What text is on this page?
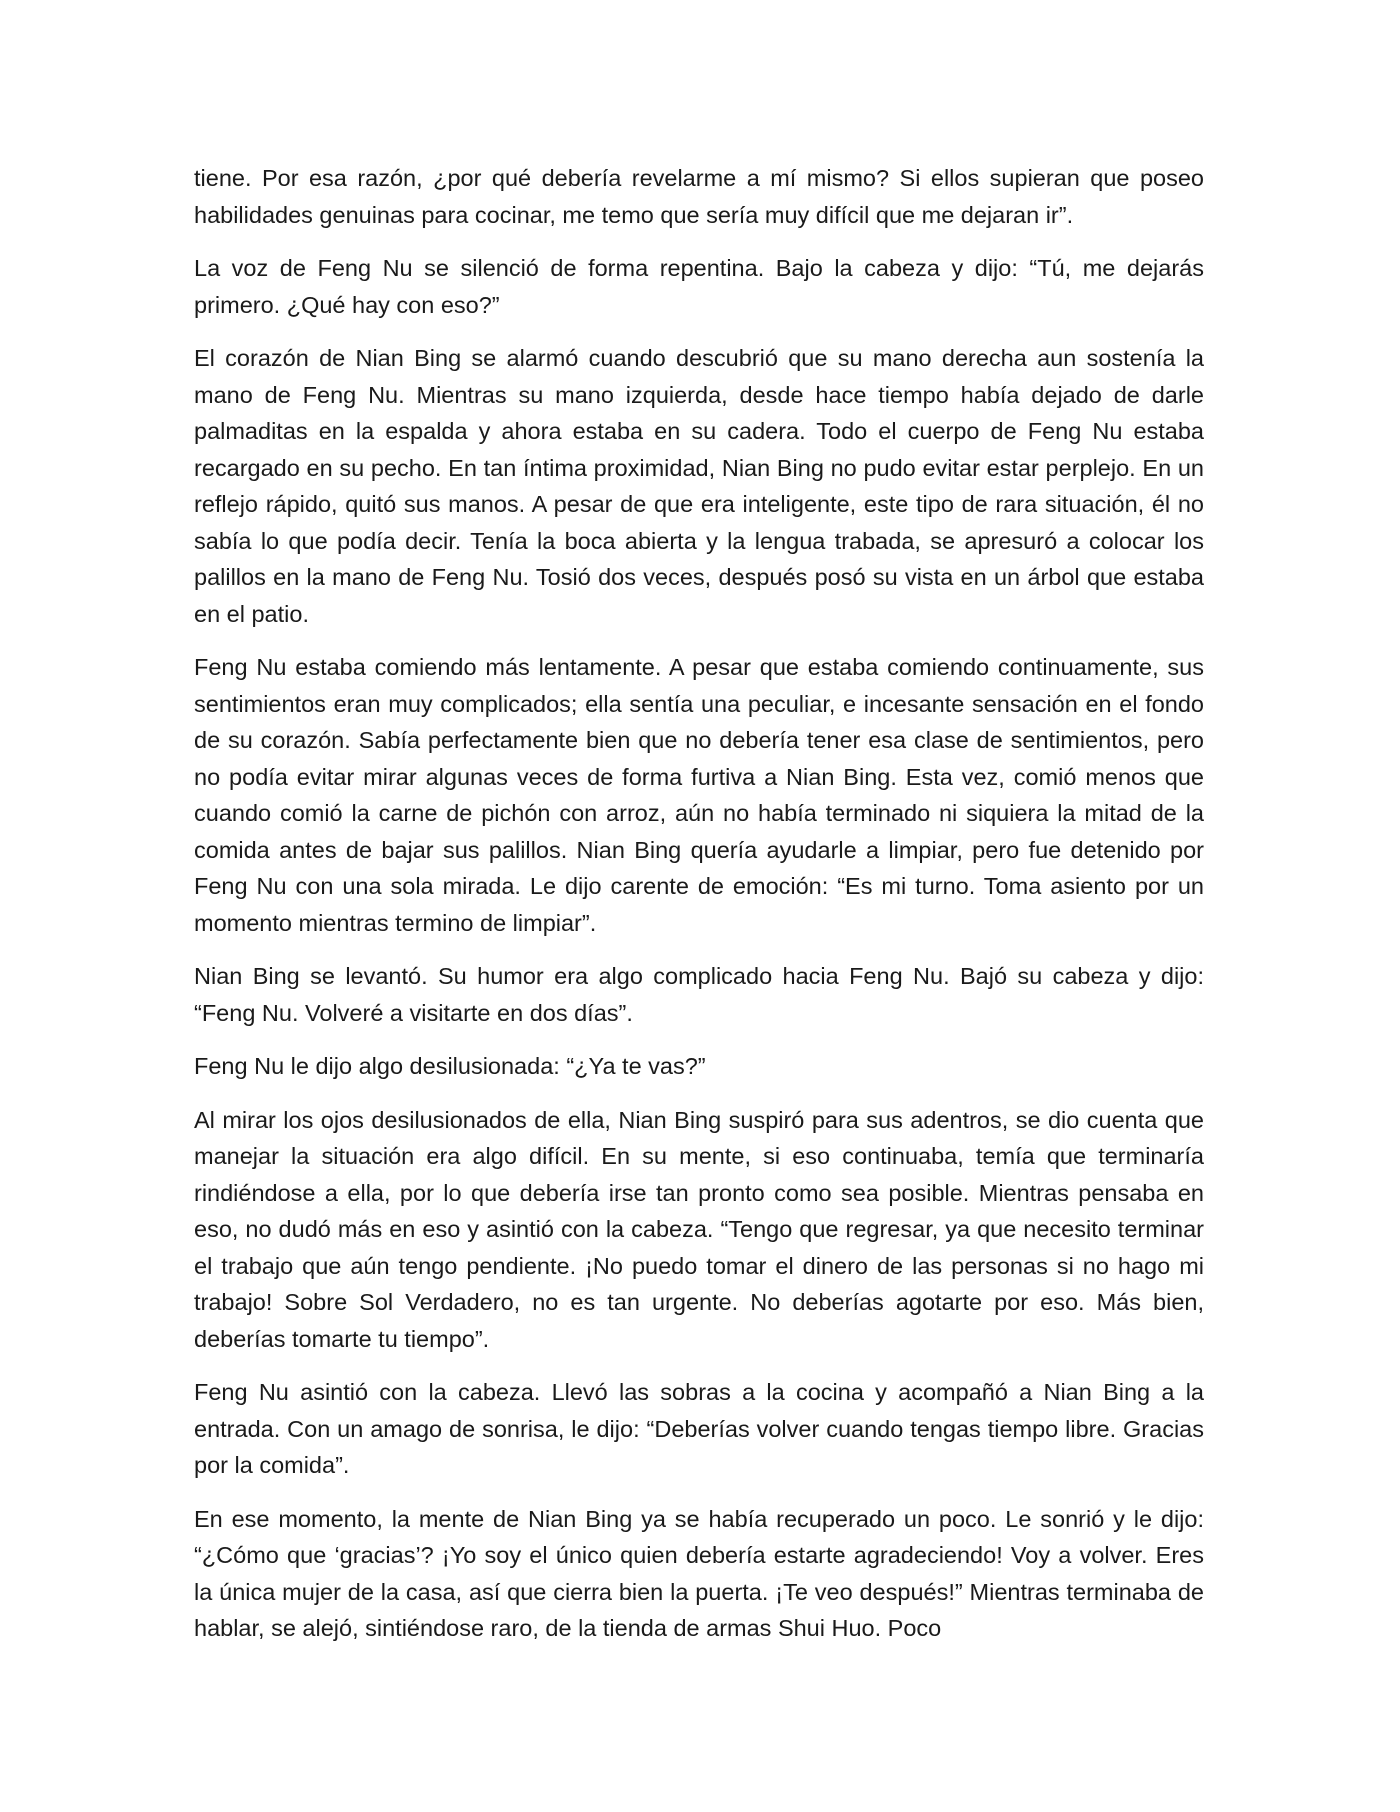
tiene. Por esa razón, ¿por qué debería revelarme a mí mismo? Si ellos supieran que poseo habilidades genuinas para cocinar, me temo que sería muy difícil que me dejaran ir”.

La voz de Feng Nu se silenció de forma repentina. Bajo la cabeza y dijo: “Tú, me dejarás primero. ¿Qué hay con eso?”

El corazón de Nian Bing se alarmó cuando descubrió que su mano derecha aun sostenía la mano de Feng Nu. Mientras su mano izquierda, desde hace tiempo había dejado de darle palmaditas en la espalda y ahora estaba en su cadera. Todo el cuerpo de Feng Nu estaba recargado en su pecho. En tan íntima proximidad, Nian Bing no pudo evitar estar perplejo. En un reflejo rápido, quitó sus manos. A pesar de que era inteligente, este tipo de rara situación, él no sabía lo que podía decir. Tenía la boca abierta y la lengua trabada, se apresuró a colocar los palillos en la mano de Feng Nu. Tosió dos veces, después posó su vista en un árbol que estaba en el patio.

Feng Nu estaba comiendo más lentamente. A pesar que estaba comiendo continuamente, sus sentimientos eran muy complicados; ella sentía una peculiar, e incesante sensación en el fondo de su corazón. Sabía perfectamente bien que no debería tener esa clase de sentimientos, pero no podía evitar mirar algunas veces de forma furtiva a Nian Bing. Esta vez, comió menos que cuando comió la carne de pichón con arroz, aún no había terminado ni siquiera la mitad de la comida antes de bajar sus palillos. Nian Bing quería ayudarle a limpiar, pero fue detenido por Feng Nu con una sola mirada. Le dijo carente de emoción: “Es mi turno. Toma asiento por un momento mientras termino de limpiar”.

Nian Bing se levantó. Su humor era algo complicado hacia Feng Nu. Bajó su cabeza y dijo: “Feng Nu. Volveré a visitarte en dos días”.

Feng Nu le dijo algo desilusionada: “¿Ya te vas?”

Al mirar los ojos desilusionados de ella, Nian Bing suspiró para sus adentros, se dio cuenta que manejar la situación era algo difícil. En su mente, si eso continuaba, temía que terminaría rindiéndose a ella, por lo que debería irse tan pronto como sea posible. Mientras pensaba en eso, no dudó más en eso y asintió con la cabeza. “Tengo que regresar, ya que necesito terminar el trabajo que aún tengo pendiente. ¡No puedo tomar el dinero de las personas si no hago mi trabajo! Sobre Sol Verdadero, no es tan urgente. No deberías agotarte por eso. Más bien, deberías tomarte tu tiempo”.

Feng Nu asintió con la cabeza. Llevó las sobras a la cocina y acompañó a Nian Bing a la entrada. Con un amago de sonrisa, le dijo: “Deberías volver cuando tengas tiempo libre. Gracias por la comida”.

En ese momento, la mente de Nian Bing ya se había recuperado un poco. Le sonrió y le dijo: “¿Cómo que ‘gracias’? ¡Yo soy el único quien debería estarte agradeciendo! Voy a volver. Eres la única mujer de la casa, así que cierra bien la puerta. ¡Te veo después!” Mientras terminaba de hablar, se alejó, sintiéndose raro, de la tienda de armas Shui Huo. Poco
